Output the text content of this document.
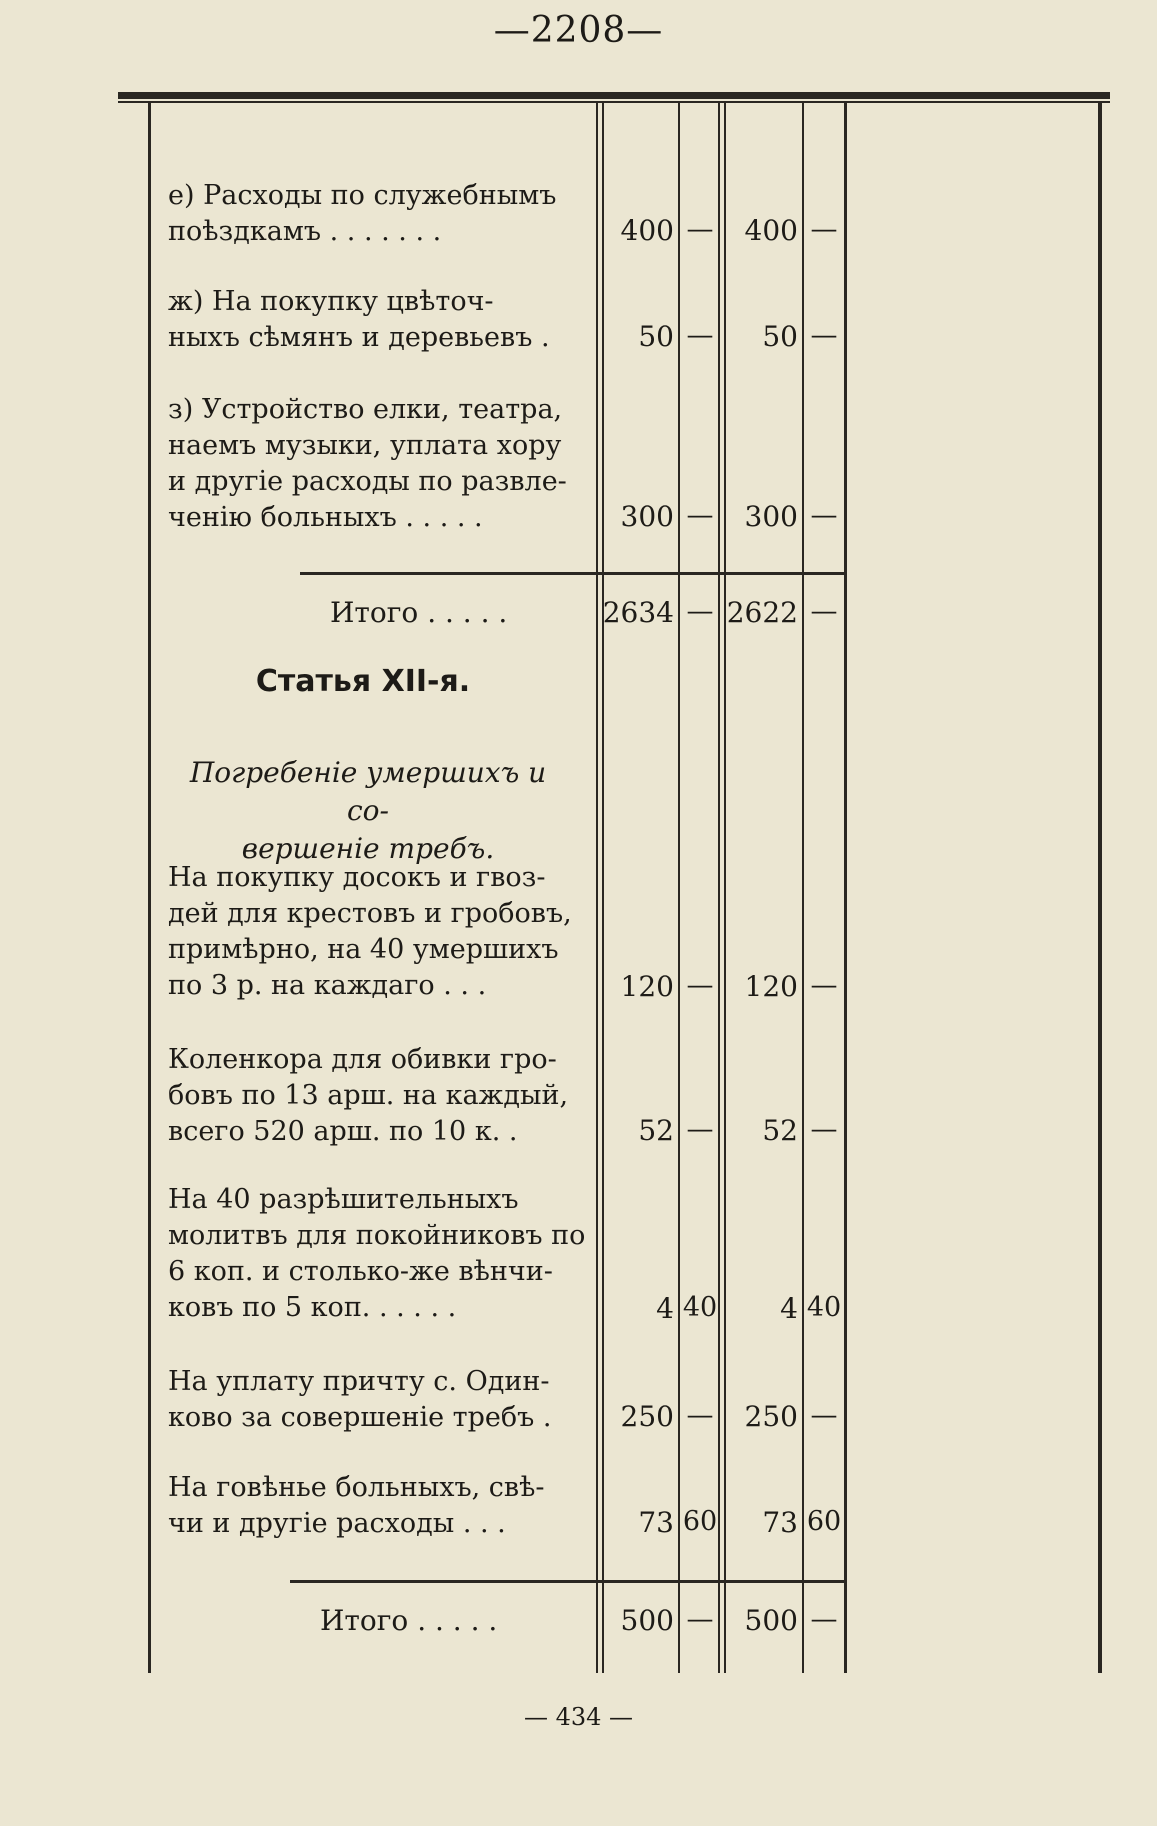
—2208—
е) Расходы по служебнымъ
поѣздкамъ . . . . . . .	400 —	400 —
ж) На покупку цвѣточ-
ныхъ сѣмянъ и деревьевъ .	50 —	50 —
з) Устройство елки, театра,
наемъ музыки, уплата хору
и другіе расходы по развле-
ченію больныхъ . . . . .	300 —	300 —
Итого . . . . .	2634 — 2622 —
Статья XII-я.
Погребеніе умершихъ и со-
вершеніе требъ.
На покупку досокъ и гвоз-
дей для крестовъ и гробовъ,
примѣрно, на 40 умершихъ
по 3 р. на каждаго . . .	120 —	120 —
Коленкора для обивки гро-
бовъ по 13 арш. на каждый,
всего 520 арш. по 10 к. .	52 —	52 —
На 40 разрѣшительныхъ
молитвъ для покойниковъ по
6 коп. и столько-же вѣнчи-
ковъ по 5 коп. . . . . .	4 40	4 40
На уплату причту с. Один-
ково за совершеніе требъ .	250 —	250 —
На говѣнье больныхъ, свѣ-
чи и другіе расходы . . .	73 60	73 60
Итого . . . . .	500 —	500 —
— 434 —
